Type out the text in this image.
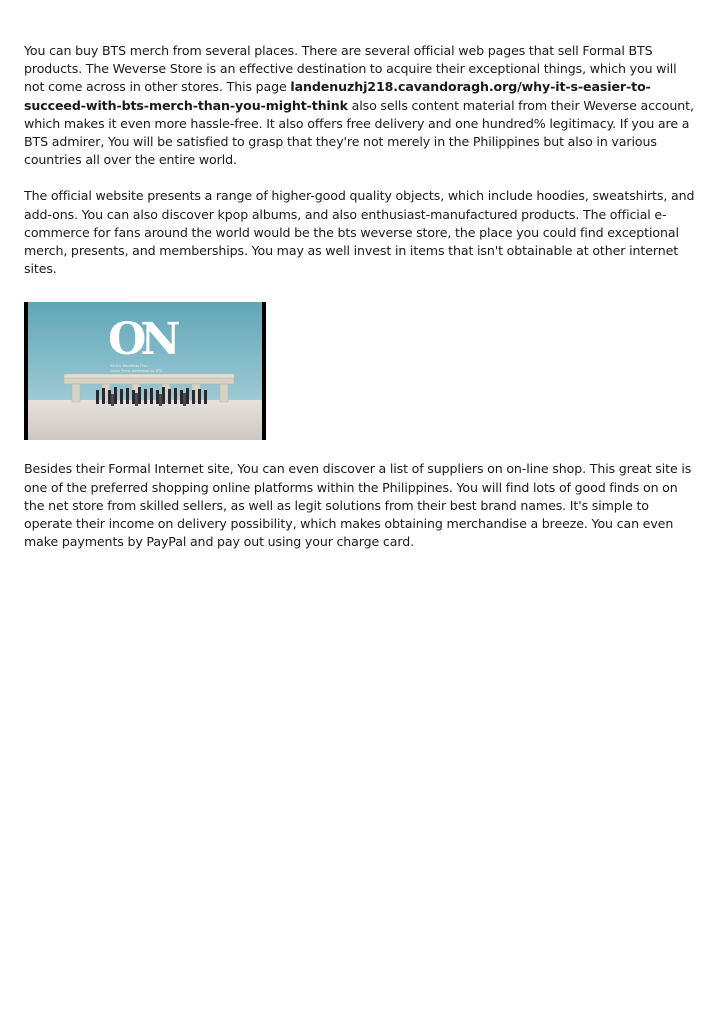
You can buy BTS merch from several places. There are several official web pages that sell Formal BTS products. The Weverse Store is an effective destination to acquire their exceptional things, which you will not come across in other stores. This page landenuzhj218.cavandoragh.org/why-it-s-easier-to-succeed-with-bts-merch-than-you-might-think also sells content material from their Weverse account, which makes it even more hassle-free. It also offers free delivery and one hundred% legitimacy. If you are a BTS admirer, You will be satisfied to grasp that they're not merely in the Philippines but also in various countries all over the entire world.

The official website presents a range of higher-good quality objects, which include hoodies, sweatshirts, and add-ons. You can also discover kpop albums, and also enthusiast-manufactured products. The official e-commerce for fans around the world would be the bts weverse store, the place you could find exceptional merch, presents, and memberships. You may as well invest in items that isn't obtainable at other internet sites.

ON
Kinetic Manifesto Film :
Come Prima performed by BTS

Besides their Formal Internet site, You can even discover a list of suppliers on on-line shop. This great site is one of the preferred shopping online platforms within the Philippines. You will find lots of good finds on on the net store from skilled sellers, as well as legit solutions from their best brand names. It's simple to operate their income on delivery possibility, which makes obtaining merchandise a breeze. You can even make payments by PayPal and pay out using your charge card.
